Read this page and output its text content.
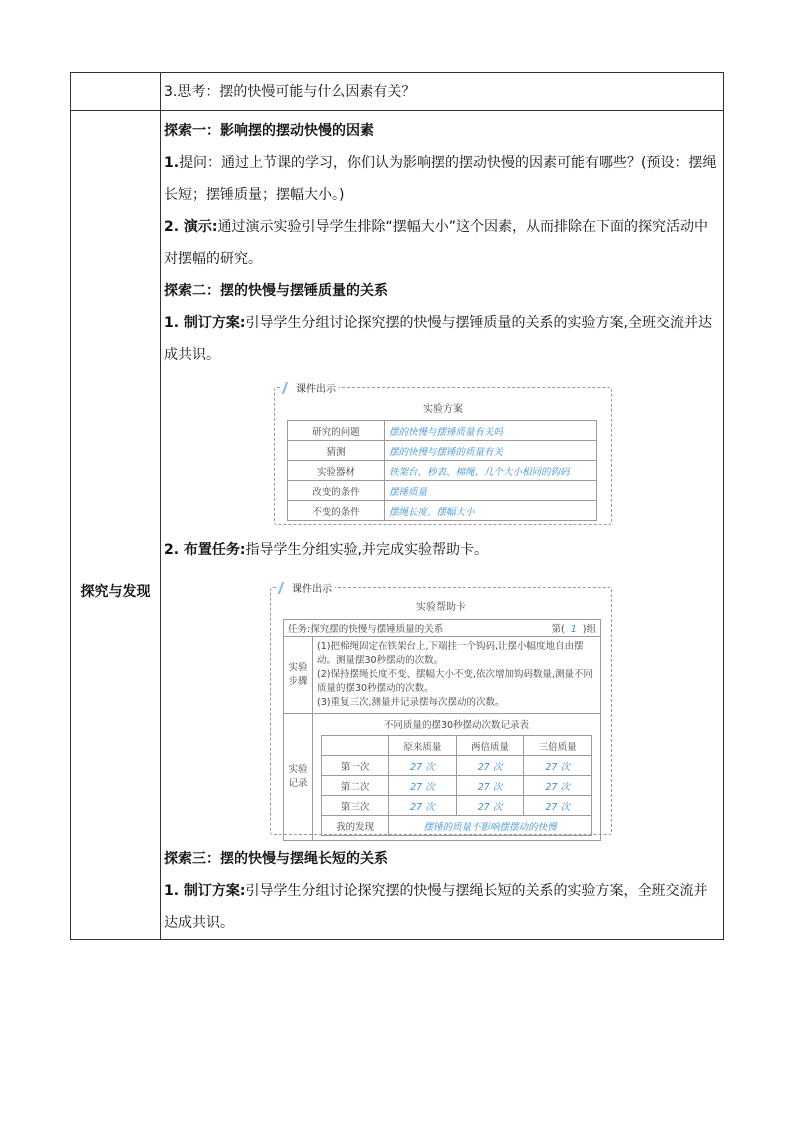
探究与发现
3.思考：摆的快慢可能与什么因素有关？

探索一：影响摆的摆动快慢的因素

1.提问：通过上节课的学习，你们认为影响摆的摆动快慢的因素可能有哪些？(预设：摆绳长短；摆锤质量；摆幅大小。)

2. 演示:通过演示实验引导学生排除“摆幅大小”这个因素，从而排除在下面的探究活动中对摆幅的研究。

探索二：摆的快慢与摆锤质量的关系

1. 制订方案:引导学生分组讨论探究摆的快慢与摆锤质量的关系的实验方案,全班交流并达成共识。

课件出示
实验方案
研究的问题	摆的快慢与摆锤质量有关吗
猜测	摆的快慢与摆锤的质量有关
实验器材	铁架台、秒表、棉绳、几个大小相同的钩码
改变的条件	摆锤质量
不变的条件	摆绳长度、摆幅大小

2. 布置任务:指导学生分组实验,并完成实验帮助卡。

课件出示
实验帮助卡
任务:探究摆的快慢与摆锤质量的关系	第( 1 )组

实验步骤	
(1)把棉绳固定在铁架台上,下端挂一个钩码,让摆小幅度地自由摆动。测量摆30秒摆动的次数。
(2)保持摆绳长度不变、摆幅大小不变,依次增加钩码数量,测量不同质量的摆30秒摆动的次数。
(3)重复三次,测量并记录摆每次摆动的次数。

实验记录	
不同质量的摆30秒摆动次数记录表
	原来质量	两倍质量	三倍质量
第一次	27 次	27 次	27 次
第二次	27 次	27 次	27 次
第三次	27 次	27 次	27 次
我的发现	摆锤的质量不影响摆摆动的快慢

探索三：摆的快慢与摆绳长短的关系

1. 制订方案:引导学生分组讨论探究摆的快慢与摆绳长短的关系的实验方案，全班交流并达成共识。
